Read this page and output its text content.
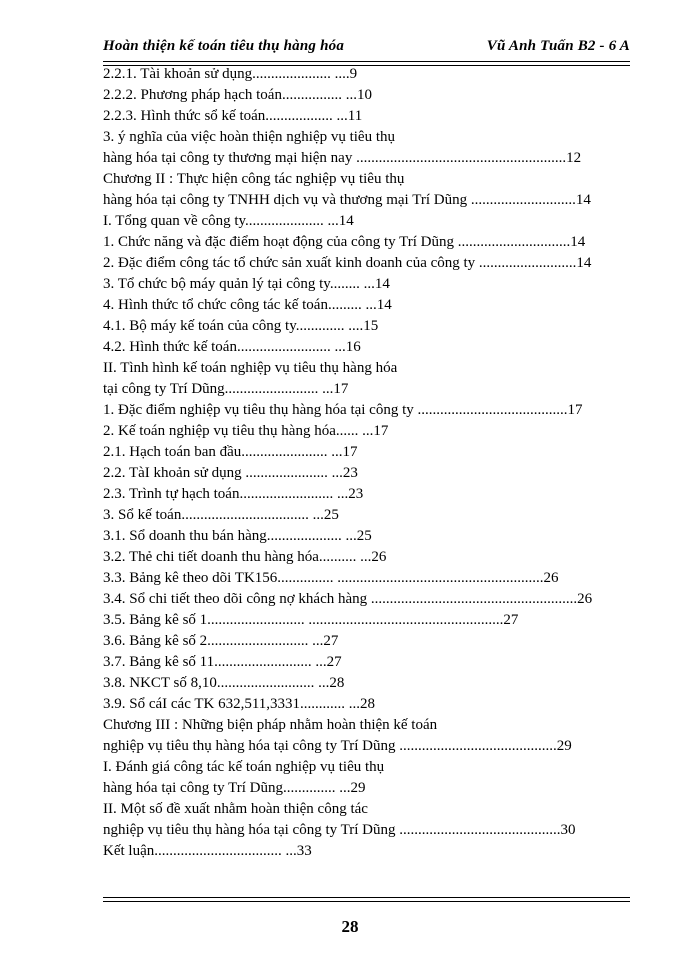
Hoàn thiện kế toán tiêu thụ hàng hóa	Vũ Anh Tuấn B2 - 6 A
2.2.1. Tài khoản sử dụng..................... ....9
2.2.2. Phương pháp hạch toán................ ...10
2.2.3. Hình thức sổ kế toán.................. ...11
3. ý nghĩa của việc hoàn thiện nghiệp vụ tiêu thụ
hàng hóa tại công ty thương mại hiện nay ........................................................12
Chương II : Thực hiện công tác nghiệp vụ tiêu thụ
hàng hóa tại công ty TNHH dịch vụ và thương mại Trí Dũng ............................14
I. Tổng quan về công ty..................... ...14
1. Chức năng và đặc điểm hoạt động của công ty Trí Dũng ..............................14
2. Đặc điểm công tác tổ chức sản xuất kinh doanh của công ty ..........................14
3. Tổ chức bộ máy quản lý tại công ty........ ...14
4. Hình thức tổ chức công tác kế toán......... ...14
4.1. Bộ máy kế toán của công ty............. ....15
4.2. Hình thức kế toán......................... ...16
II. Tình hình kế toán nghiệp vụ tiêu thụ hàng hóa
tại công ty Trí Dũng......................... ...17
1. Đặc điểm nghiệp vụ tiêu thụ hàng hóa tại công ty ........................................17
2. Kế toán nghiệp vụ tiêu thụ hàng hóa...... ...17
2.1. Hạch toán ban đầu....................... ...17
2.2. TàI khoản sử dụng ...................... ...23
2.3. Trình tự hạch toán......................... ...23
3. Sổ kế toán.................................. ...25
3.1. Sổ doanh thu bán hàng.................... ...25
3.2. Thẻ chi tiết doanh thu hàng hóa.......... ...26
3.3. Bảng kê theo dõi TK156............... .......................................................26
3.4. Sổ chi tiết theo dõi công nợ khách hàng .......................................................26
3.5. Bảng kê số 1.......................... ....................................................27
3.6. Bảng kê số 2........................... ...27
3.7. Bảng kê số 11.......................... ...27
3.8. NKCT số 8,10.......................... ...28
3.9. Sổ cáI các TK 632,511,3331............ ...28
Chương III : Những biện pháp nhằm hoàn thiện kế toán
nghiệp vụ tiêu thụ hàng hóa tại công ty Trí Dũng ..........................................29
I. Đánh giá công tác kế toán nghiệp vụ tiêu thụ
hàng hóa tại công ty Trí Dũng.............. ...29
II. Một số đề xuất nhằm hoàn thiện công tác
nghiệp vụ tiêu thụ hàng hóa tại công ty Trí Dũng ...........................................30
Kết luận.................................. ...33
28
